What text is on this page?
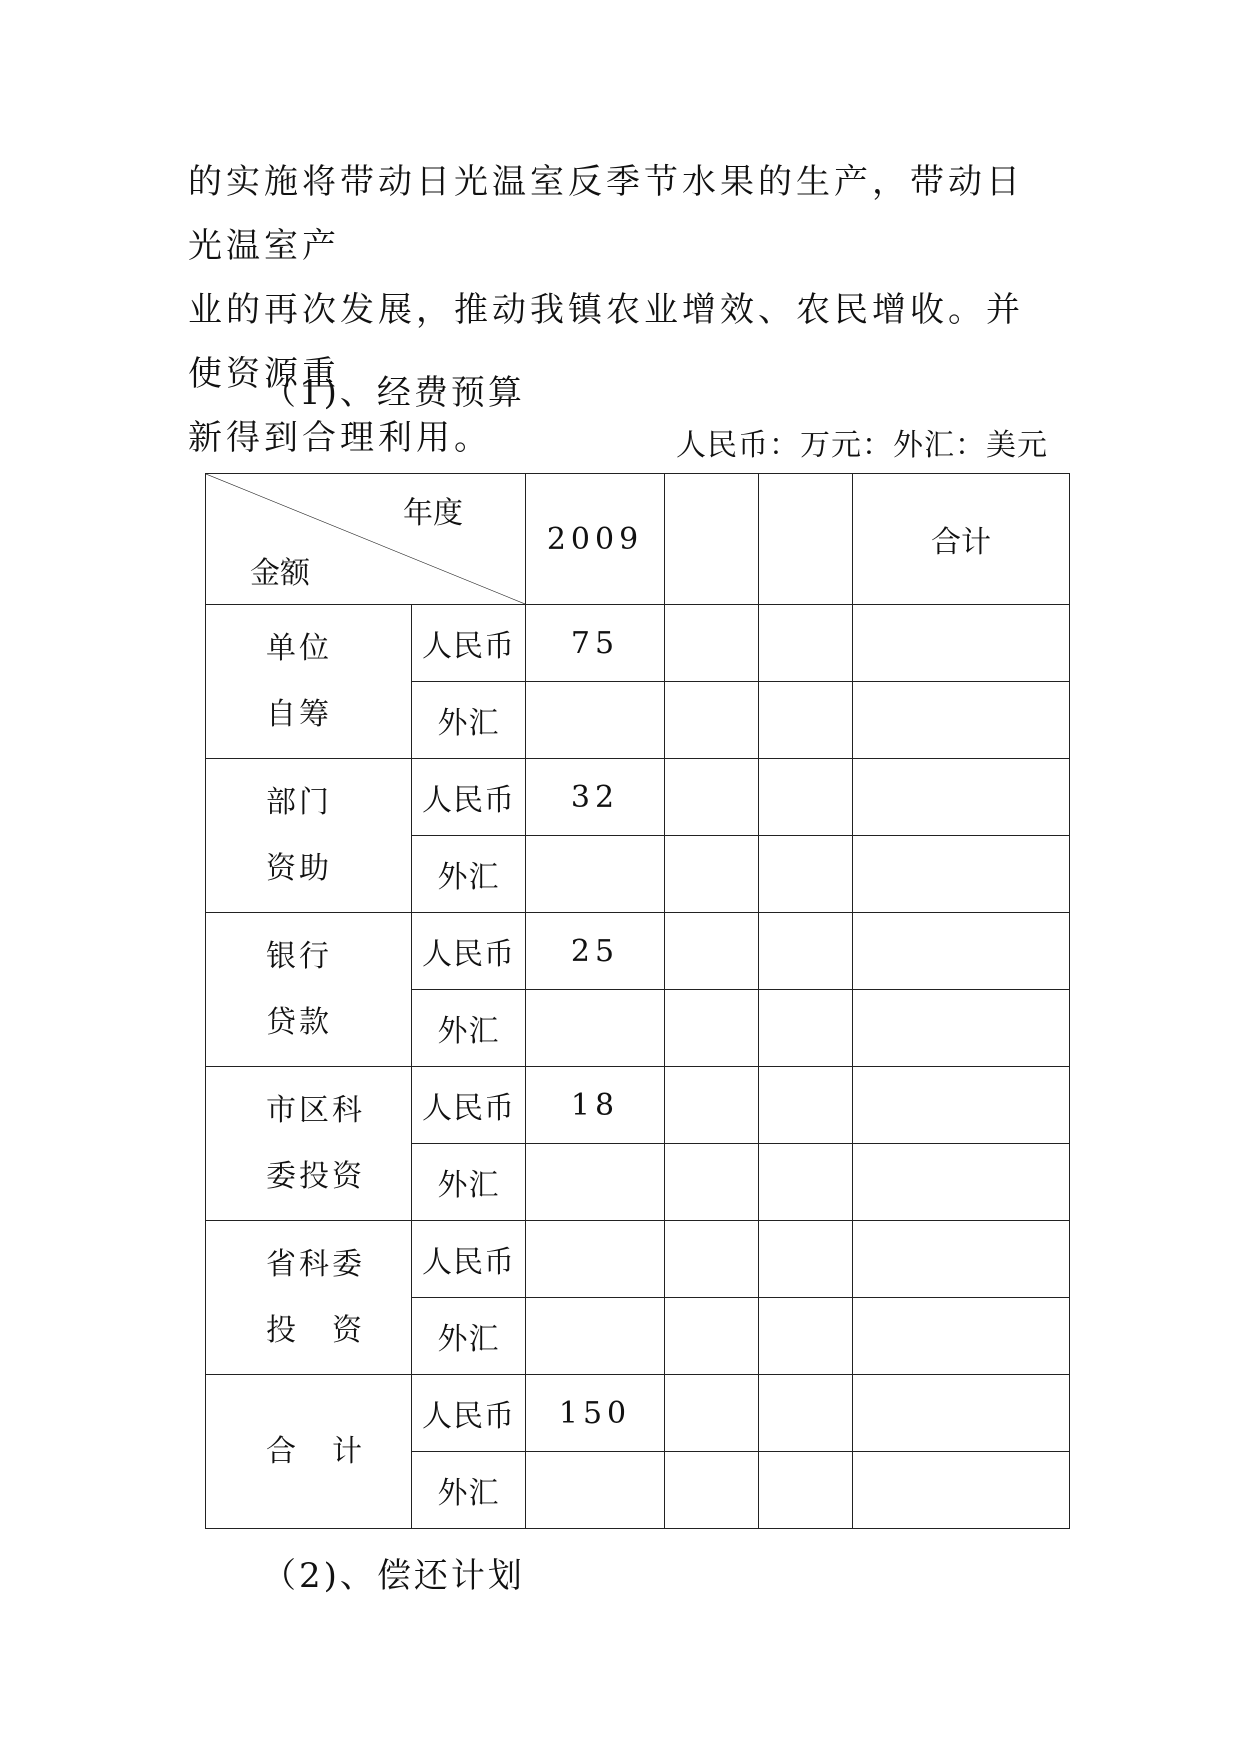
的实施将带动日光温室反季节水果的生产，带动日光温室产
业的再次发展，推动我镇农业增效、农民增收。并使资源重
新得到合理利用。
（1)、经费预算
人民币：万元：外汇：美元
年度
金额		2009			合计

单位
自筹	人民币	75			
	外汇				

部门
资助	人民币	32			
	外汇				

银行
贷款	人民币	25			
	外汇				

市区科
委投资	人民币	18			
	外汇				

省科委
投　资	人民币				
	外汇				

合　计	人民币	150			
	外汇				
（2)、偿还计划
